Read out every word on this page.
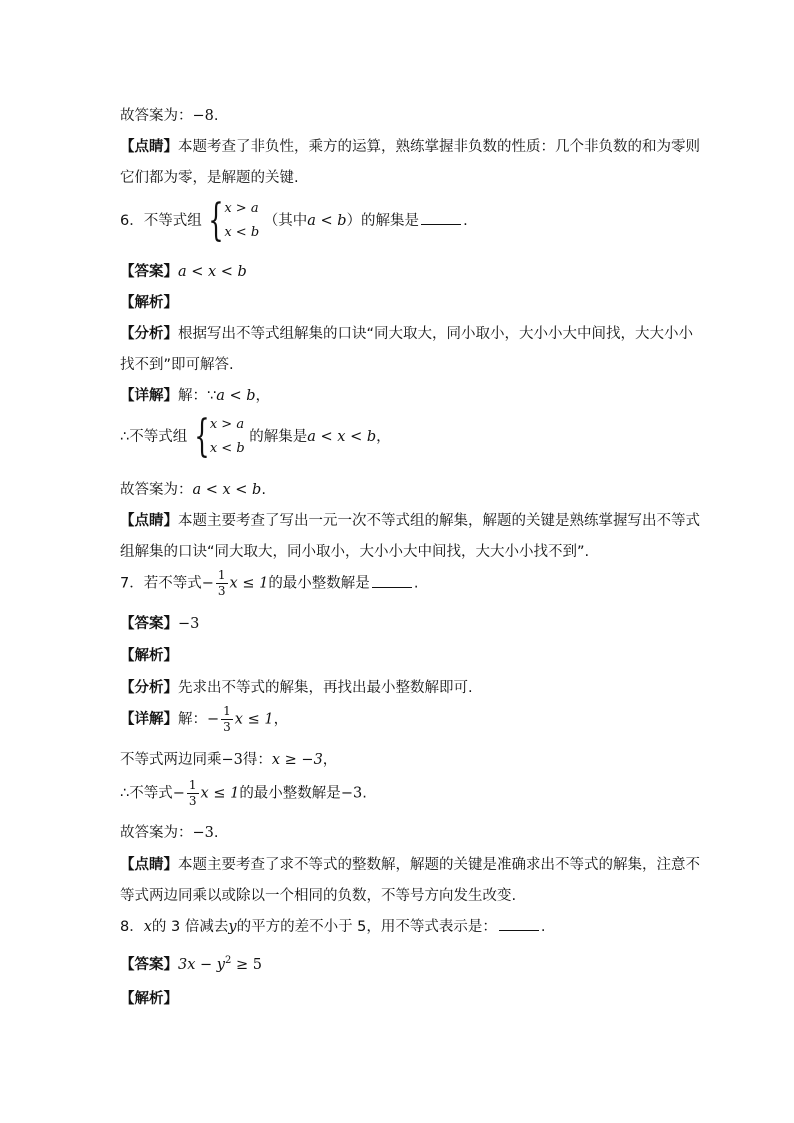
故答案为：−8.
【点睛】本题考查了非负性，乘方的运算，熟练掌握非负数的性质：几个非负数的和为零则
它们都为零，是解题的关键.
6．不等式组 { x > a
x < b
（其中a < b）的解集是	.
【答案】a < x < b
【解析】
【分析】根据写出不等式组解集的口诀“同大取大，同小取小，大小小大中间找，大大小小
找不到”即可解答.
【详解】解：∵a < b，
∴不等式组 { x > a
x < b
的解集是a < x < b，
故答案为：a < x < b.
【点睛】本题主要考查了写出一元一次不等式组的解集，解题的关键是熟练掌握写出不等式
组解集的口诀“同大取大，同小取小，大小小大中间找，大大小小找不到”.
7．若不等式− $\frac{1}{3}$ x ≤ 1的最小整数解是	.
【答案】−3
【解析】
【分析】先求出不等式的解集，再找出最小整数解即可.
【详解】解：− $\frac{1}{3}$ x ≤ 1，
不等式两边同乘−3得：x ≥ −3，
∴不等式− $\frac{1}{3}$ x ≤ 1的最小整数解是−3.
故答案为：−3.
【点睛】本题主要考查了求不等式的整数解，解题的关键是准确求出不等式的解集，注意不
等式两边同乘以或除以一个相同的负数，不等号方向发生改变.
8．x的 3 倍减去y的平方的差不小于 5，用不等式表示是：	.
【答案】$3x - y^2 \ge 5$
【解析】
